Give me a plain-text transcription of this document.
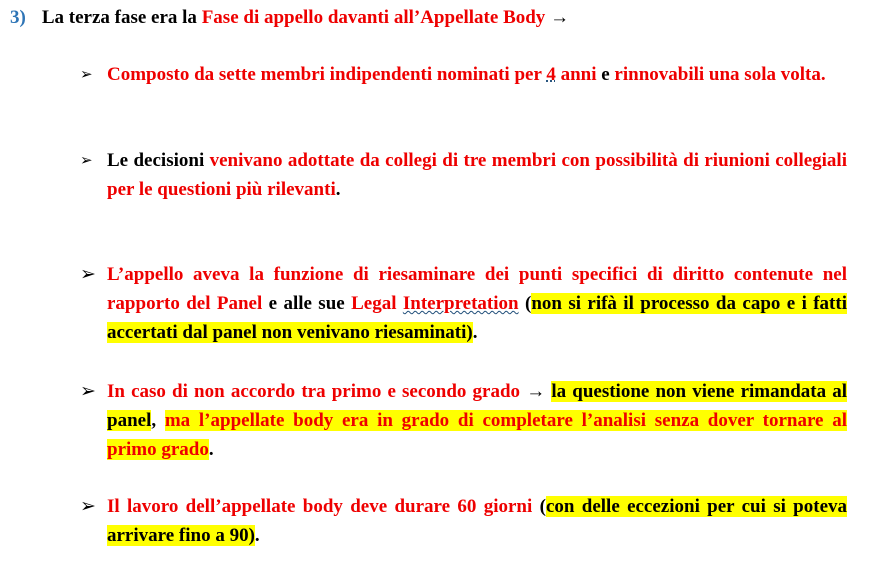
3) La terza fase era la Fase di appello davanti all’Appellate Body →
➢ Composto da sette membri indipendenti nominati per 4 anni e rinnovabili una sola volta.
➢ Le decisioni venivano adottate da collegi di tre membri con possibilità di riunioni collegiali per le questioni più rilevanti.
➢ L’appello aveva la funzione di riesaminare dei punti specifici di diritto contenute nel rapporto del Panel e alle sue Legal Interpretation (non si rifà il processo da capo e i fatti accertati dal panel non venivano riesaminati).
➢ In caso di non accordo tra primo e secondo grado → la questione non viene rimandata al panel, ma l’appellate body era in grado di completare l’analisi senza dover tornare al primo grado.
➢ Il lavoro dell’appellate body deve durare 60 giorni (con delle eccezioni per cui si poteva arrivare fino a 90).
